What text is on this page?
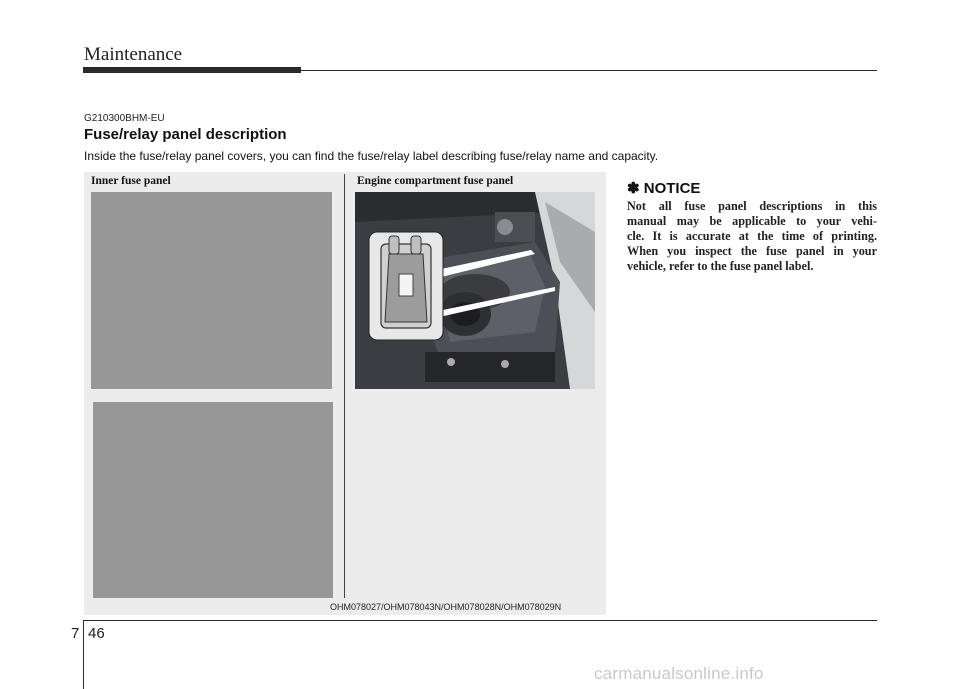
Maintenance
G210300BHM-EU
Fuse/relay panel description
Inside the fuse/relay panel covers, you can find the fuse/relay label describing fuse/relay name and capacity.
Inner fuse panel	Engine compartment fuse panel
OHM078027/OHM078043N/OHM078028N/OHM078029N
✽ NOTICE
Not all fuse panel descriptions in this
manual may be applicable to your vehi-
cle. It is accurate at the time of printing.
When you inspect the fuse panel in your
vehicle, refer to the fuse panel label.
7 46
carmanualsonline.info
